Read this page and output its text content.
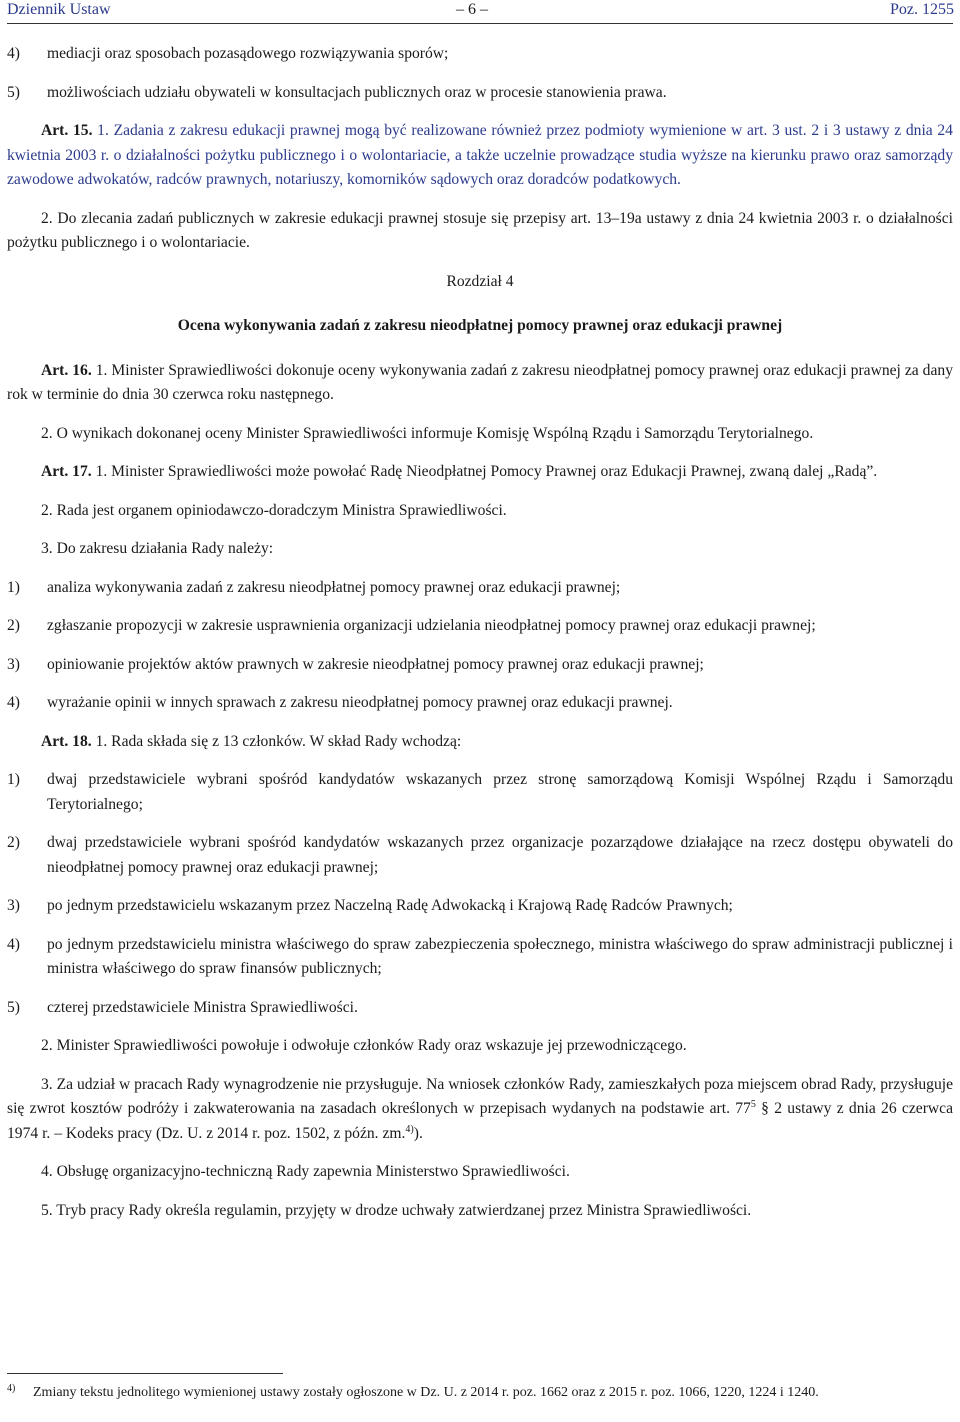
Dziennik Ustaw	– 6 –	Poz. 1255
4) mediacji oraz sposobach pozasądowego rozwiązywania sporów;
5) możliwościach udziału obywateli w konsultacjach publicznych oraz w procesie stanowienia prawa.

Art. 15. 1. Zadania z zakresu edukacji prawnej mogą być realizowane również przez podmioty wymienione w art. 3 ust. 2 i 3 ustawy z dnia 24 kwietnia 2003 r. o działalności pożytku publicznego i o wolontariacie, a także uczelnie prowadzące studia wyższe na kierunku prawo oraz samorządy zawodowe adwokatów, radców prawnych, notariuszy, komorników sądowych oraz doradców podatkowych.

2. Do zlecania zadań publicznych w zakresie edukacji prawnej stosuje się przepisy art. 13–19a ustawy z dnia 24 kwietnia 2003 r. o działalności pożytku publicznego i o wolontariacie.

Rozdział 4
Ocena wykonywania zadań z zakresu nieodpłatnej pomocy prawnej oraz edukacji prawnej

Art. 16. 1. Minister Sprawiedliwości dokonuje oceny wykonywania zadań z zakresu nieodpłatnej pomocy prawnej oraz edukacji prawnej za dany rok w terminie do dnia 30 czerwca roku następnego.

2. O wynikach dokonanej oceny Minister Sprawiedliwości informuje Komisję Wspólną Rządu i Samorządu Terytorialnego.

Art. 17. 1. Minister Sprawiedliwości może powołać Radę Nieodpłatnej Pomocy Prawnej oraz Edukacji Prawnej, zwaną dalej „Radą”.

2. Rada jest organem opiniodawczo-doradczym Ministra Sprawiedliwości.

3. Do zakresu działania Rady należy:

1) analiza wykonywania zadań z zakresu nieodpłatnej pomocy prawnej oraz edukacji prawnej;
2) zgłaszanie propozycji w zakresie usprawnienia organizacji udzielania nieodpłatnej pomocy prawnej oraz edukacji prawnej;
3) opiniowanie projektów aktów prawnych w zakresie nieodpłatnej pomocy prawnej oraz edukacji prawnej;
4) wyrażanie opinii w innych sprawach z zakresu nieodpłatnej pomocy prawnej oraz edukacji prawnej.

Art. 18. 1. Rada składa się z 13 członków. W skład Rady wchodzą:

1) dwaj przedstawiciele wybrani spośród kandydatów wskazanych przez stronę samorządową Komisji Wspólnej Rządu i Samorządu Terytorialnego;
2) dwaj przedstawiciele wybrani spośród kandydatów wskazanych przez organizacje pozarządowe działające na rzecz dostępu obywateli do nieodpłatnej pomocy prawnej oraz edukacji prawnej;
3) po jednym przedstawicielu wskazanym przez Naczelną Radę Adwokacką i Krajową Radę Radców Prawnych;
4) po jednym przedstawicielu ministra właściwego do spraw zabezpieczenia społecznego, ministra właściwego do spraw administracji publicznej i ministra właściwego do spraw finansów publicznych;
5) czterej przedstawiciele Ministra Sprawiedliwości.

2. Minister Sprawiedliwości powołuje i odwołuje członków Rady oraz wskazuje jej przewodniczącego.

3. Za udział w pracach Rady wynagrodzenie nie przysługuje. Na wniosek członków Rady, zamieszkałych poza miejscem obrad Rady, przysługuje się zwrot kosztów podróży i zakwaterowania na zasadach określonych w przepisach wydanych na podstawie art. $77^5$ § 2 ustawy z dnia 26 czerwca 1974 r. – Kodeks pracy (Dz. U. z 2014 r. poz. 1502, z późn. zm.$^{4)}$).

4. Obsługę organizacyjno-techniczną Rady zapewnia Ministerstwo Sprawiedliwości.

5. Tryb pracy Rady określa regulamin, przyjęty w drodze uchwały zatwierdzanej przez Ministra Sprawiedliwości.

4)	Zmiany tekstu jednolitego wymienionej ustawy zostały ogłoszone w Dz. U. z 2014 r. poz. 1662 oraz z 2015 r. poz. 1066, 1220, 1224 i 1240.
